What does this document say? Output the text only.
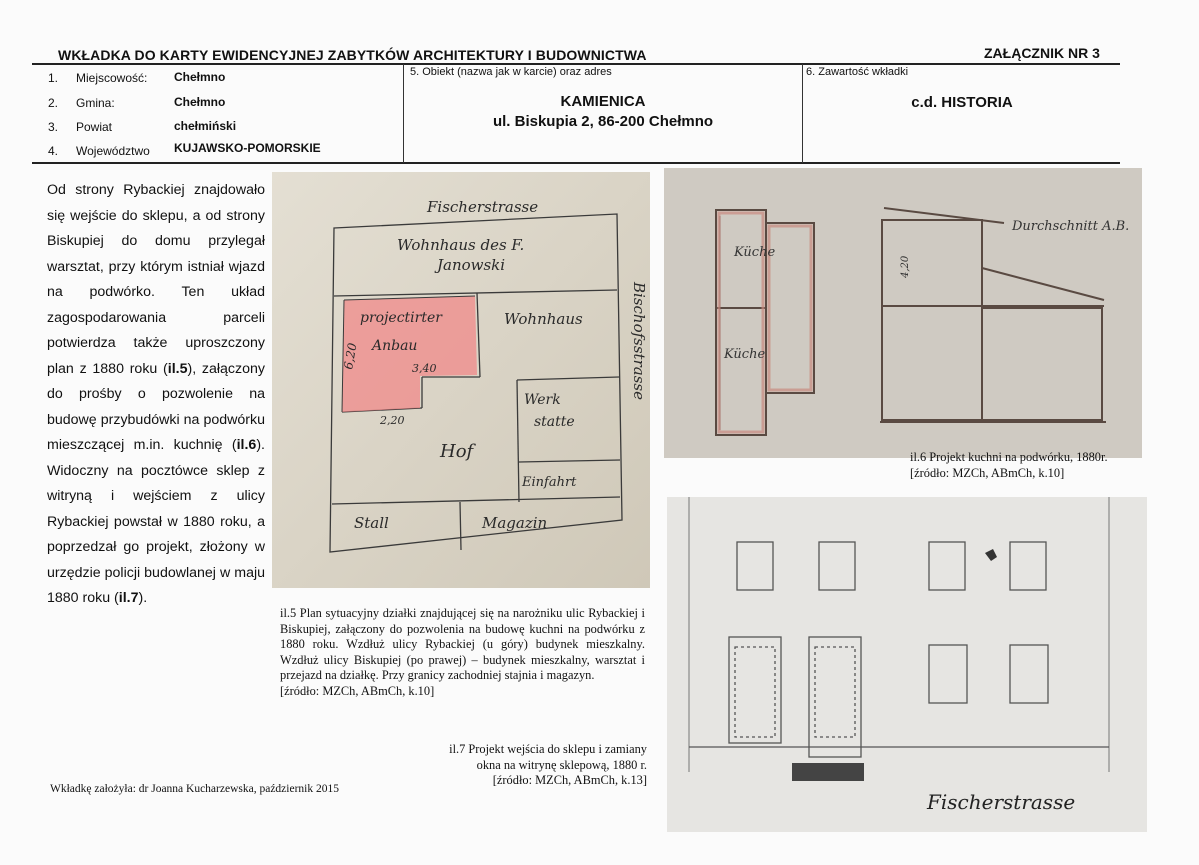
WKŁADKA DO KARTY EWIDENCYJNEJ ZABYTKÓW ARCHITEKTURY I BUDOWNICTWA	ZAŁĄCZNIK NR 3
1. Miejscowość: Chełmno
2. Gmina:	Chełmno
3. Powiat	chełmiński
4. Województwo KUJAWSKO-POMORSKIE
5. Obiekt (nazwa jak w karcie) oraz adres
KAMIENICA
ul. Biskupia 2, 86-200 Chełmno
6. Zawartość wkładki
c.d. HISTORIA
Od strony Rybackiej znajdowało się wejście do sklepu, a od strony Biskupiej do domu przylegał warsztat, przy którym istniał wjazd na podwórko. Ten układ zagospodarowania parceli potwierdza także uproszczony plan z 1880 roku (il.5), załączony do prośby o pozwolenie na budowę przybudówki na podwórku mieszczącej m.in. kuchnię (il.6). Widoczny na pocztówce sklep z witryną i wejściem z ulicy Rybackiej powstał w 1880 roku, a poprzedzał go projekt, złożony w urzędzie policji budowlanej w maju 1880 roku (il.7).
Fischerstrasse
Wohnhaus des F.
Janowski
projectirter
Anbau
Wohnhaus
Werk
statte
Hof
Einfahrt
Stall	Magazin
Bischofsstrasse
6,20	3,40
2,20
il.5 Plan sytuacyjny działki znajdującej się na narożniku ulic Rybackiej i Biskupiej, załączony do pozwolenia na budowę kuchni na podwórku z 1880 roku. Wzdłuż ulicy Rybackiej (u góry) budynek mieszkalny. Wzdłuż ulicy Biskupiej (po prawej) – budynek mieszkalny, warsztat i przejazd na działkę. Przy granicy zachodniej stajnia i magazyn.
[źródło: MZCh, ABmCh, k.10]
Küche
Küche
Durchschnitt A.B.
4,20
il.6 Projekt kuchni na podwórku, 1880r.
[źródło: MZCh, ABmCh, k.10]
Fischerstrasse
il.7 Projekt wejścia do sklepu i zamiany
okna na witrynę sklepową, 1880 r.
[źródło: MZCh, ABmCh, k.13]
Wkładkę założyła: dr Joanna Kucharzewska, październik 2015
